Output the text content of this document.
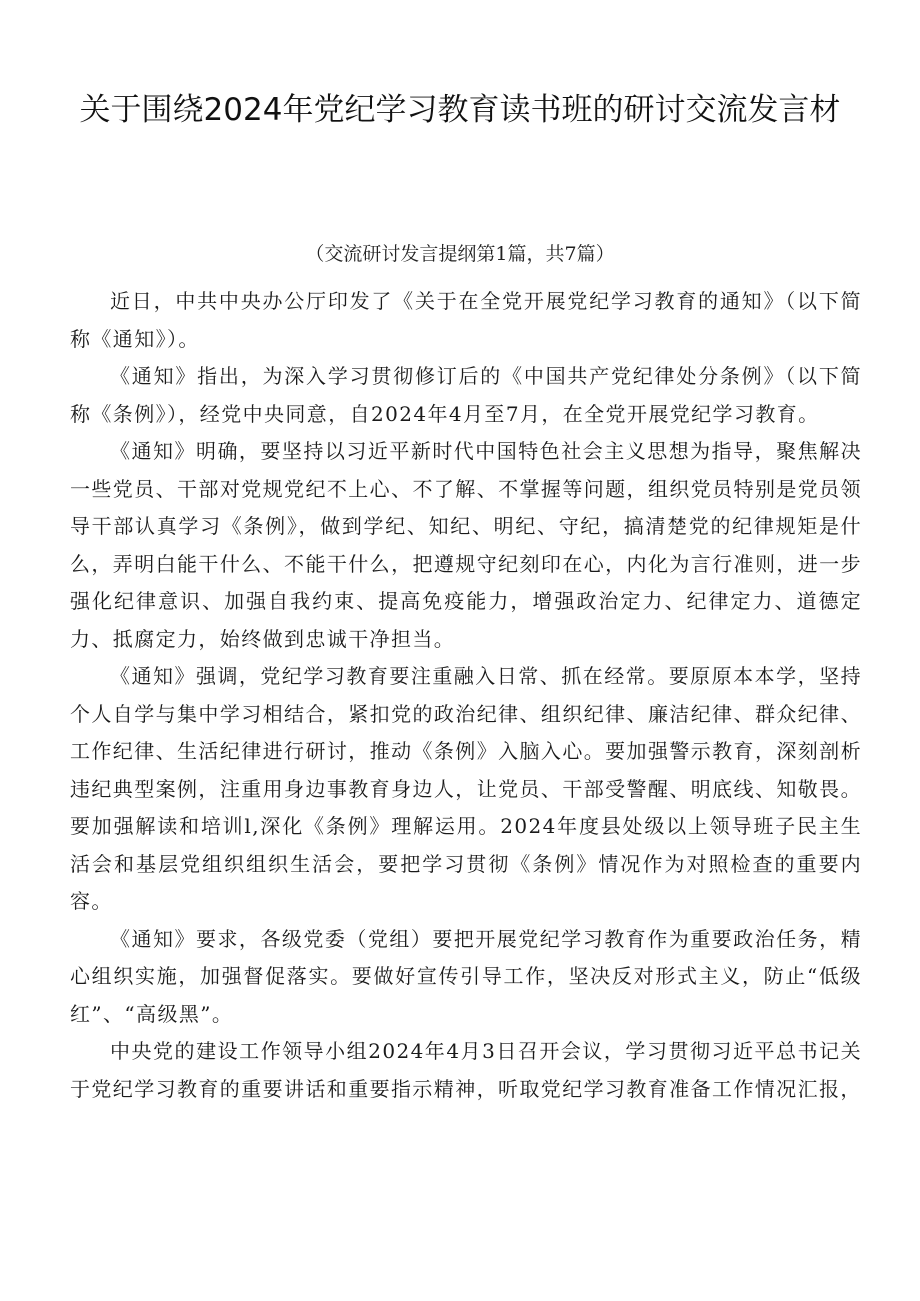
关于围绕2024年党纪学习教育读书班的研讨交流发言材

（交流研讨发言提纲第1篇，共7篇）

近日，中共中央办公厅印发了《关于在全党开展党纪学习教育的通知》（以下简称《通知》）。

《通知》指出，为深入学习贯彻修订后的《中国共产党纪律处分条例》（以下简称《条例》），经党中央同意，自2024年4月至7月，在全党开展党纪学习教育。

《通知》明确，要坚持以习近平新时代中国特色社会主义思想为指导，聚焦解决一些党员、干部对党规党纪不上心、不了解、不掌握等问题，组织党员特别是党员领导干部认真学习《条例》，做到学纪、知纪、明纪、守纪，搞清楚党的纪律规矩是什么，弄明白能干什么、不能干什么，把遵规守纪刻印在心，内化为言行准则，进一步强化纪律意识、加强自我约束、提高免疫能力，增强政治定力、纪律定力、道德定力、抵腐定力，始终做到忠诚干净担当。

《通知》强调，党纪学习教育要注重融入日常、抓在经常。要原原本本学，坚持个人自学与集中学习相结合，紧扣党的政治纪律、组织纪律、廉洁纪律、群众纪律、工作纪律、生活纪律进行研讨，推动《条例》入脑入心。要加强警示教育，深刻剖析违纪典型案例，注重用身边事教育身边人，让党员、干部受警醒、明底线、知敬畏。要加强解读和培训l,深化《条例》理解运用。2024年度县处级以上领导班子民主生活会和基层党组织组织生活会，要把学习贯彻《条例》情况作为对照检查的重要内容。

《通知》要求，各级党委（党组）要把开展党纪学习教育作为重要政治任务，精心组织实施，加强督促落实。要做好宣传引导工作，坚决反对形式主义，防止“低级红”、“高级黑”。

中央党的建设工作领导小组2024年4月3日召开会议，学习贯彻习近平总书记关于党纪学习教育的重要讲话和重要指示精神，听取党纪学习教育准备工作情况汇报，
